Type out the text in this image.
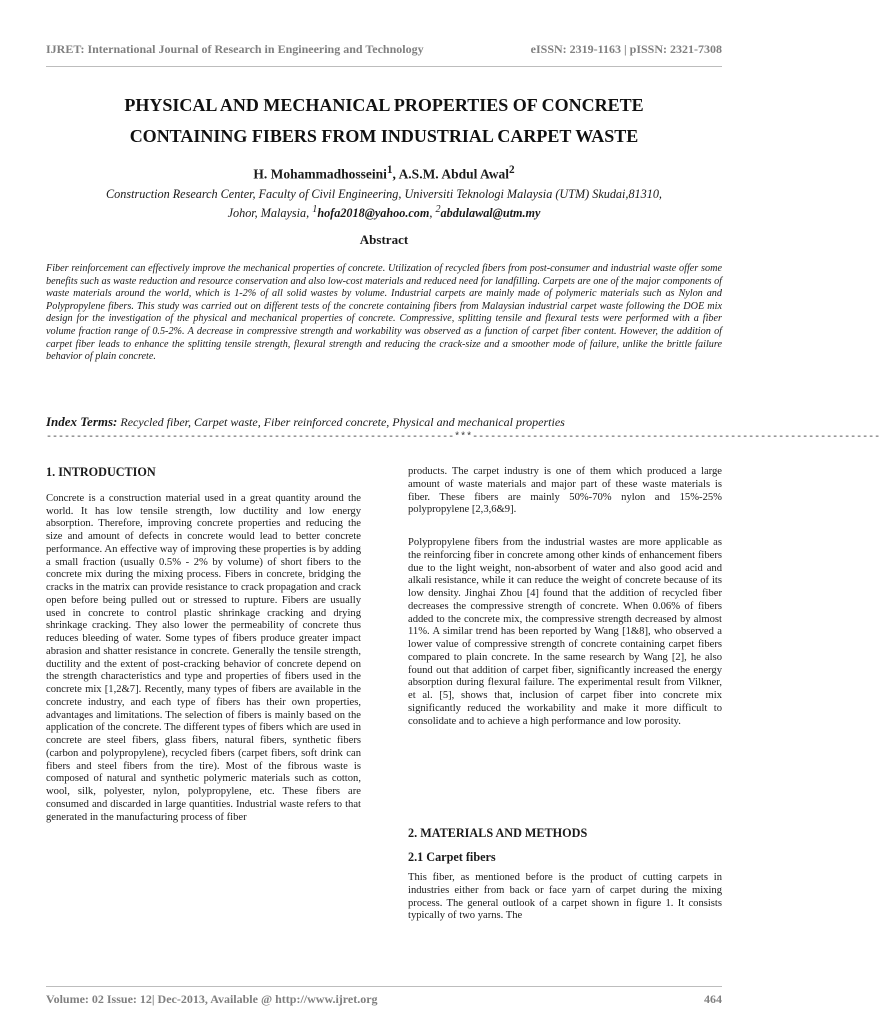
IJRET: International Journal of Research in Engineering and Technology	eISSN: 2319-1163 | pISSN: 2321-7308
PHYSICAL AND MECHANICAL PROPERTIES OF CONCRETE
CONTAINING FIBERS FROM INDUSTRIAL CARPET WASTE
H. Mohammadhosseini$^1$, A.S.M. Abdul Awal$^2$
Construction Research Center, Faculty of Civil Engineering, Universiti Teknologi Malaysia (UTM) Skudai,81310,
Johor, Malaysia, $^1$hofa2018@yahoo.com, $^2$abdulawal@utm.my
Abstract
Fiber reinforcement can effectively improve the mechanical properties of concrete. Utilization of recycled fibers from post-consumer and industrial waste offer some benefits such as waste reduction and resource conservation and also low-cost materials and reduced need for landfilling. Carpets are one of the major components of waste materials around the world, which is 1-2% of all solid wastes by volume. Industrial carpets are mainly made of polymeric materials such as Nylon and Polypropylene fibers. This study was carried out on different tests of the concrete containing fibers from Malaysian industrial carpet waste following the DOE mix design for the investigation of the physical and mechanical properties of concrete. Compressive, splitting tensile and flexural tests were performed with a fiber volume fraction range of 0.5-2%. A decrease in compressive strength and workability was observed as a function of carpet fiber content. However, the addition of carpet fiber leads to enhance the splitting tensile strength, flexural strength and reducing the crack-size and a smoother mode of failure, unlike the brittle failure behavior of plain concrete.
Index Terms: Recycled fiber, Carpet waste, Fiber reinforced concrete, Physical and mechanical properties
--------------------------------------------------------------------***--------------------------------------------------------------------
1. INTRODUCTION

Concrete is a construction material used in a great quantity around the world. It has low tensile strength, low ductility and low energy absorption. Therefore, improving concrete properties and reducing the size and amount of defects in concrete would lead to better concrete performance. An effective way of improving these properties is by adding a small fraction (usually 0.5% - 2% by volume) of short fibers to the concrete mix during the mixing process. Fibers in concrete, bridging the cracks in the matrix can provide resistance to crack propagation and crack open before being pulled out or stressed to rupture. Fibers are usually used in concrete to control plastic shrinkage cracking and drying shrinkage cracking. They also lower the permeability of concrete thus reduces bleeding of water. Some types of fibers produce greater impact abrasion and shatter resistance in concrete. Generally the tensile strength, ductility and the extent of post-cracking behavior of concrete depend on the strength characteristics and type and properties of fibers used in the concrete mix [1,2&7]. Recently, many types of fibers are available in the concrete industry, and each type of fibers has their own properties, advantages and limitations. The selection of fibers is mainly based on the application of the concrete. The different types of fibers which are used in concrete are steel fibers, glass fibers, natural fibers, synthetic fibers (carbon and polypropylene), recycled fibers (carpet fibers, soft drink can fibers and steel fibers from the tire). Most of the fibrous waste is composed of natural and synthetic polymeric materials such as cotton, wool, silk, polyester, nylon, polypropylene, etc. These fibers are consumed and discarded in large quantities. Industrial waste refers to that generated in the manufacturing process of fiber

products. The carpet industry is one of them which produced a large amount of waste materials and major part of these waste materials is fiber. These fibers are mainly 50%-70% nylon and 15%-25% polypropylene [2,3,6&9].

Polypropylene fibers from the industrial wastes are more applicable as the reinforcing fiber in concrete among other kinds of enhancement fibers due to the light weight, non-absorbent of water and also good acid and alkali resistance, while it can reduce the weight of concrete because of its low density. Jinghai Zhou [4] found that the addition of recycled fiber decreases the compressive strength of concrete. When 0.06% of fibers added to the concrete mix, the compressive strength decreased by almost 11%. A similar trend has been reported by Wang [1&8], who observed a lower value of compressive strength of concrete containing carpet fibers compared to plain concrete. In the same research by Wang [2], he also found out that addition of carpet fiber, significantly increased the energy absorption during flexural failure. The experimental result from Vilkner, et al. [5], shows that, inclusion of carpet fiber into concrete mix significantly reduced the workability and make it more difficult to consolidate and to achieve a high performance and low porosity.

2. MATERIALS AND METHODS
2.1 Carpet fibers
This fiber, as mentioned before is the product of cutting carpets in industries either from back or face yarn of carpet during the mixing process. The general outlook of a carpet shown in figure 1. It consists typically of two yarns. The
Volume: 02 Issue: 12| Dec-2013, Available @ http://www.ijret.org	464
